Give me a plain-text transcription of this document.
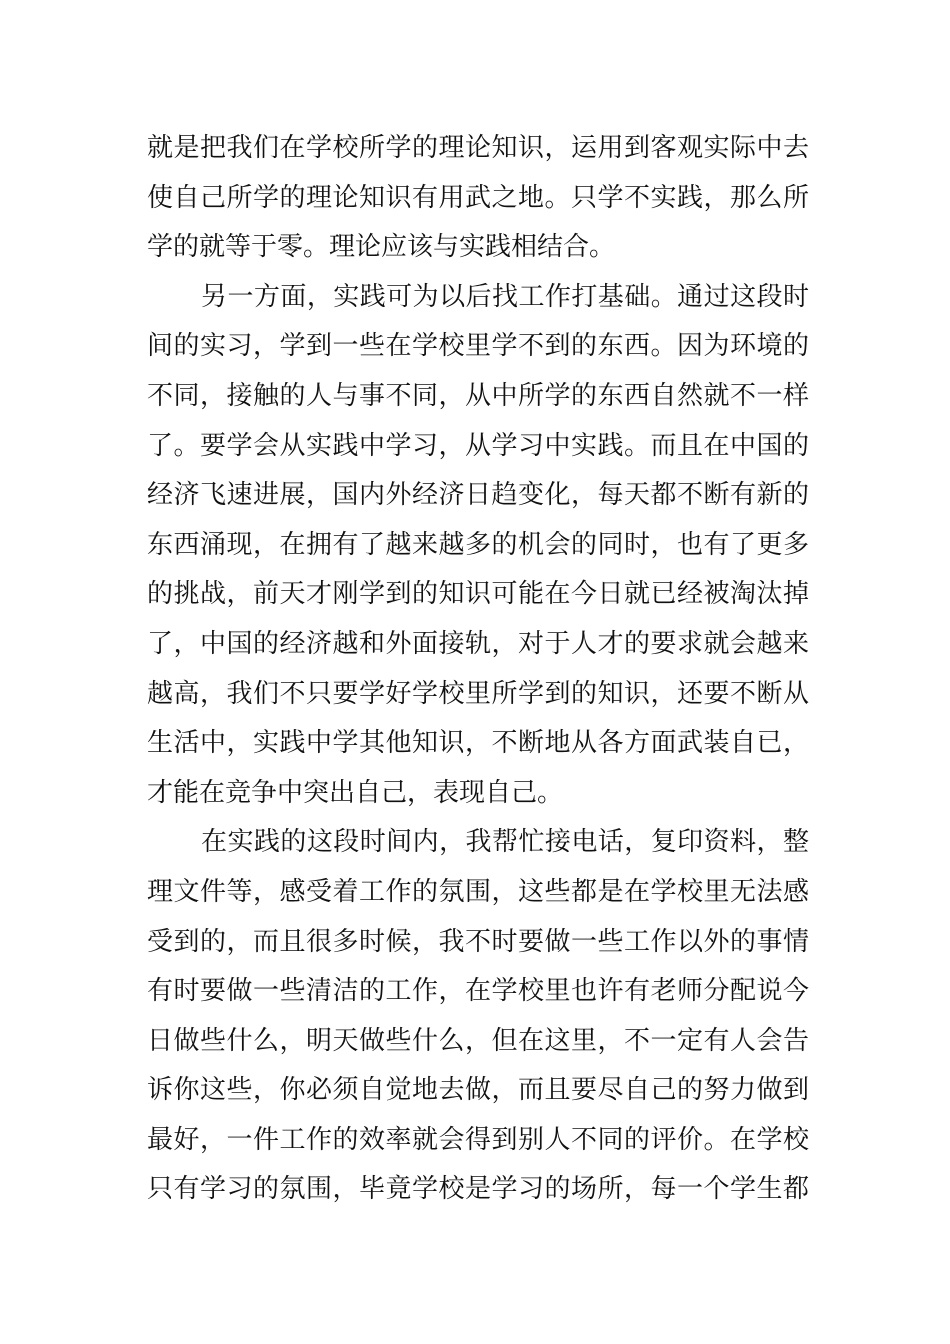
就是把我们在学校所学的理论知识，运用到客观实际中去
使自己所学的理论知识有用武之地。只学不实践，那么所
学的就等于零。理论应该与实践相结合。
另一方面，实践可为以后找工作打基础。通过这段时
间的实习，学到一些在学校里学不到的东西。因为环境的
不同，接触的人与事不同，从中所学的东西自然就不一样
了。要学会从实践中学习，从学习中实践。而且在中国的
经济飞速进展，国内外经济日趋变化，每天都不断有新的
东西涌现，在拥有了越来越多的机会的同时，也有了更多
的挑战，前天才刚学到的知识可能在今日就已经被淘汰掉
了，中国的经济越和外面接轨，对于人才的要求就会越来
越高，我们不只要学好学校里所学到的知识，还要不断从
生活中，实践中学其他知识，不断地从各方面武装自已，
才能在竞争中突出自己，表现自己。
在实践的这段时间内，我帮忙接电话，复印资料，整
理文件等，感受着工作的氛围，这些都是在学校里无法感
受到的，而且很多时候，我不时要做一些工作以外的事情
有时要做一些清洁的工作，在学校里也许有老师分配说今
日做些什么，明天做些什么，但在这里，不一定有人会告
诉你这些，你必须自觉地去做，而且要尽自己的努力做到
最好，一件工作的效率就会得到别人不同的评价。在学校
只有学习的氛围，毕竟学校是学习的场所，每一个学生都
